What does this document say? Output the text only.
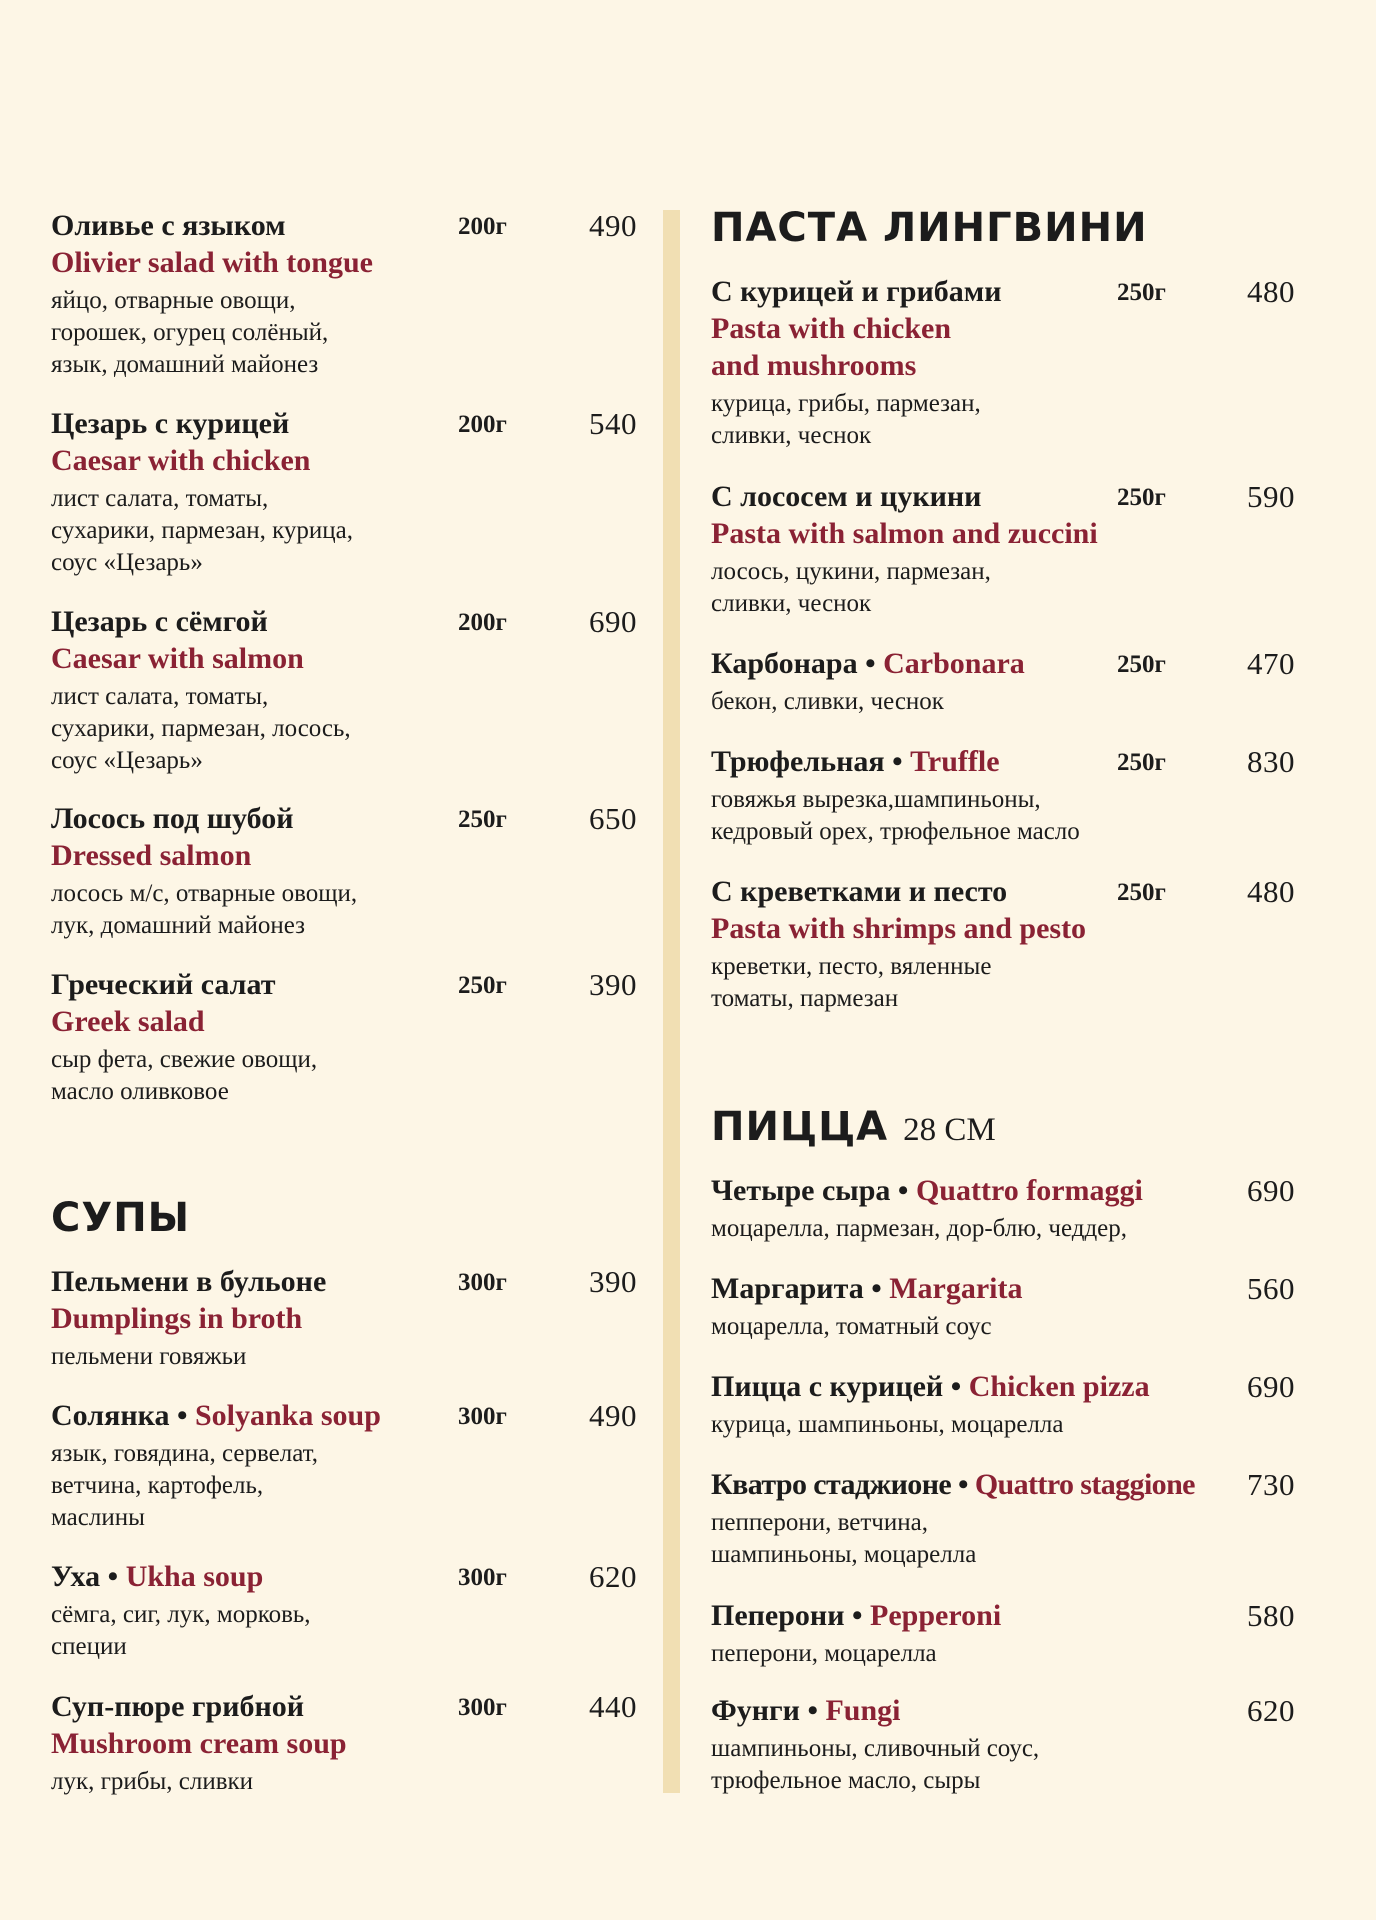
Оливье с языком
Olivier salad with tongue
яйцо, отварные овощи,
горошек, огурец солёный,
язык, домашний майонез
200г	490
Цезарь с курицей
Caesar with chicken
лист салата, томаты,
сухарики, пармезан, курица,
соус «Цезарь»
200г	540
Цезарь с сёмгой
Caesar with salmon
лист салата, томаты,
сухарики, пармезан, лосось,
соус «Цезарь»
200г	690
Лосось под шубой
Dressed salmon
лосось м/с, отварные овощи,
лук, домашний майонез
250г	650
Греческий салат
Greek salad
сыр фета, свежие овощи,
масло оливковое
250г	390
СУПЫ
Пельмени в бульоне
Dumplings in broth
пельмени говяжьи
300г	390
Солянка • Solyanka soup
язык, говядина, сервелат,
ветчина, картофель,
маслины
300г	490
Уха • Ukha soup
сёмга, сиг, лук, морковь,
специи
300г	620
Суп-пюре грибной
Mushroom cream soup
лук, грибы, сливки
300г	440
ПАСТА ЛИНГВИНИ
С курицей и грибами
Pasta with chicken
and mushrooms
курица, грибы, пармезан,
сливки, чеснок
250г	480
С лососем и цукини
Pasta with salmon and zuccini
лосось, цукини, пармезан,
сливки, чеснок
250г	590
Карбонара • Carbonara
бекон, сливки, чеснок
250г	470
Трюфельная • Truffle
говяжья вырезка,шампиньоны,
кедровый орех, трюфельное масло
250г	830
С креветками и песто
Pasta with shrimps and pesto
креветки, песто, вяленные
томаты, пармезан
250г	480
ПИЦЦА 28 СМ
Четыре сыра • Quattro formaggi
моцарелла, пармезан, дор-блю, чеддер,
690
Маргарита • Margarita
моцарелла, томатный соус
560
Пицца с курицей • Chicken pizza
курица, шампиньоны, моцарелла
690
Кватро стаджионе • Quattro staggione
пепперони, ветчина,
шампиньоны, моцарелла
730
Пеперони • Pepperoni
пеперони, моцарелла
580
Фунги • Fungi
шампиньоны, сливочный соус,
трюфельное масло, сыры
620
